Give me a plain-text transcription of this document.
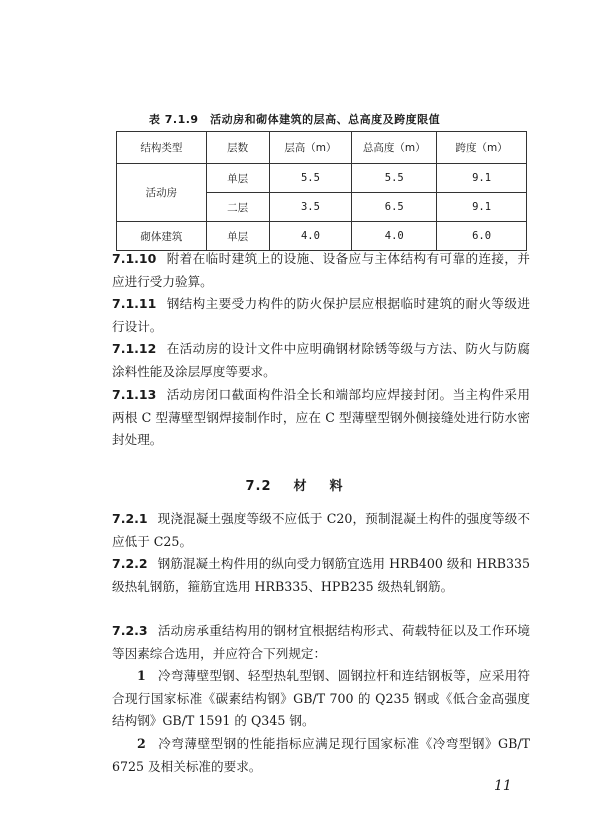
表 7.1.9　活动房和砌体建筑的层高、总高度及跨度限值
结构类型	层数	层高（m）	总高度（m）	跨度（m）
活动房	单层	5.5	5.5	9.1
	二层	3.5	6.5	9.1
砌体建筑	单层	4.0	4.0	6.0

7.1.10 附着在临时建筑上的设施、设备应与主体结构有可靠的连接，并应进行受力验算。

7.1.11 钢结构主要受力构件的防火保护层应根据临时建筑的耐火等级进行设计。

7.1.12 在活动房的设计文件中应明确钢材除锈等级与方法、防火与防腐涂料性能及涂层厚度等要求。

7.1.13 活动房闭口截面构件沿全长和端部均应焊接封闭。当主构件采用两根 C 型薄壁型钢焊接制作时，应在 C 型薄壁型钢外侧接缝处进行防水密封处理。

7.2 材 料

7.2.1 现浇混凝土强度等级不应低于 C20，预制混凝土构件的强度等级不应低于 C25。

7.2.2 钢筋混凝土构件用的纵向受力钢筋宜选用 HRB400 级和 HRB335 级热轧钢筋，箍筋宜选用 HRB335、HPB235 级热轧钢筋。

7.2.3 活动房承重结构用的钢材宜根据结构形式、荷载特征以及工作环境等因素综合选用，并应符合下列规定：

1 冷弯薄壁型钢、轻型热轧型钢、圆钢拉杆和连结钢板等，应采用符合现行国家标准《碳素结构钢》GB/T 700 的 Q235 钢或《低合金高强度结构钢》GB/T 1591 的 Q345 钢。

2 冷弯薄壁型钢的性能指标应满足现行国家标准《冷弯型钢》GB/T 6725 及相关标准的要求。

11
